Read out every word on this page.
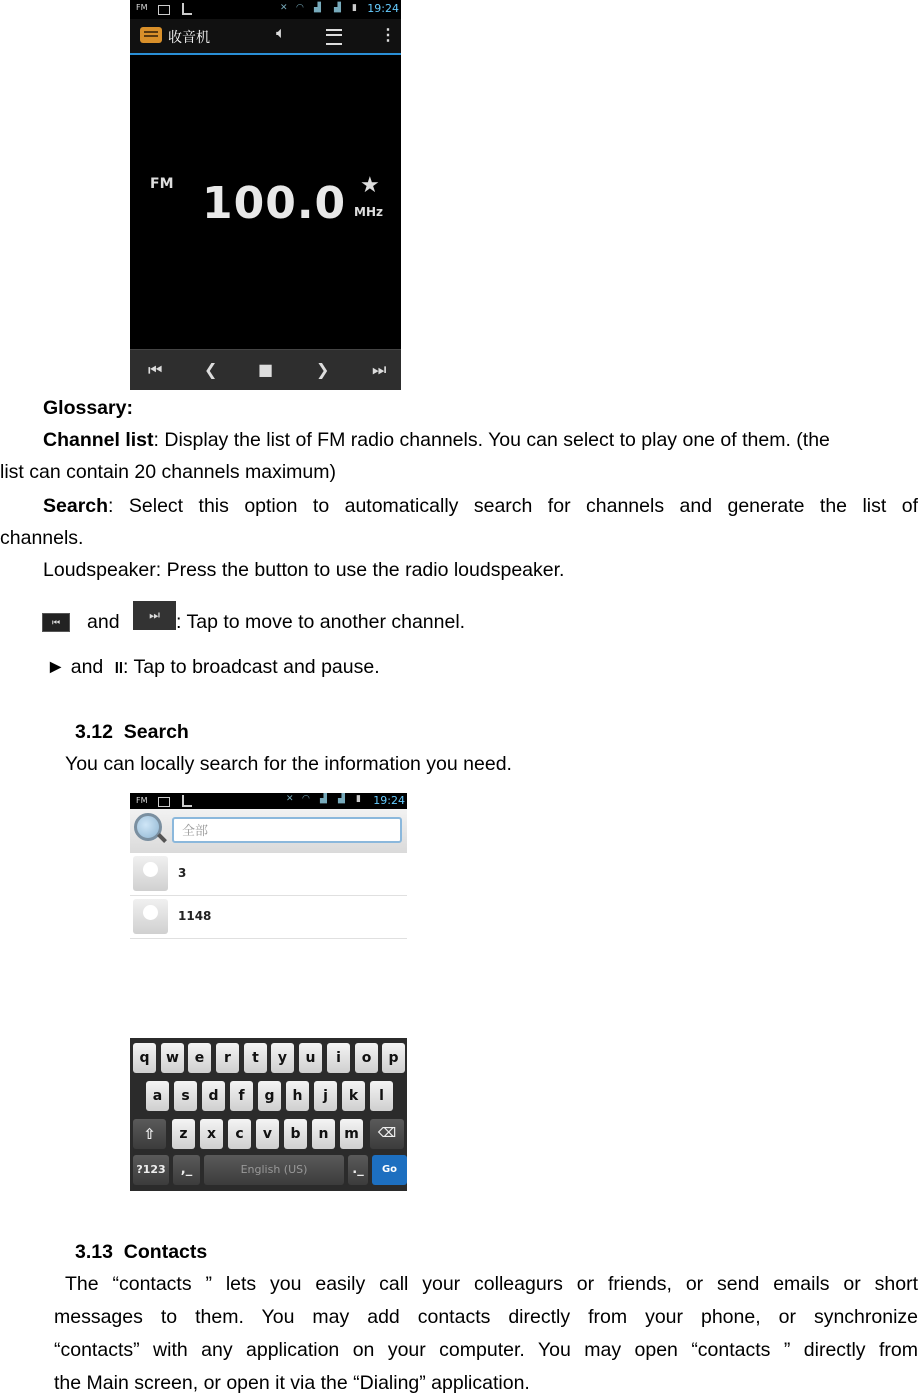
FM	✕ ◠ ▟ ▟ ▮ 19:24
收音机	🔈︎	⋮
FM 100.0 ★
MHz
⏮︎	❮	■	❯	⏭︎
Glossary:
Channel list: Display the list of FM radio channels. You can select to play one of them. (the
list can contain 20 channels maximum)
Search: Select this option to automatically search for channels and generate the list of
channels.
Loudspeaker: Press the button to use the radio loudspeaker.
⏮︎	and	⏭︎ : Tap to move to another channel.
► and ll: Tap to broadcast and pause.
3.12 Search
You can locally search for the information you need.
FM	✕ ◠ ▟ ▟ ▮ 19:24
全部
3
1148
q	w	e	r	t	y	u	i	o	p
a	s	d	f	g	h	j	k	l
⇧	z	x	c	v	b	n	m	⌫
?123	,_	English (US)	._	Go
3.13 Contacts
The “contacts ” lets you easily call your colleagurs or friends, or send emails or short
messages to them. You may add contacts directly from your phone, or synchronize
“contacts” with any application on your computer. You may open “contacts ” directly from
the Main screen, or open it via the “Dialing” application.
